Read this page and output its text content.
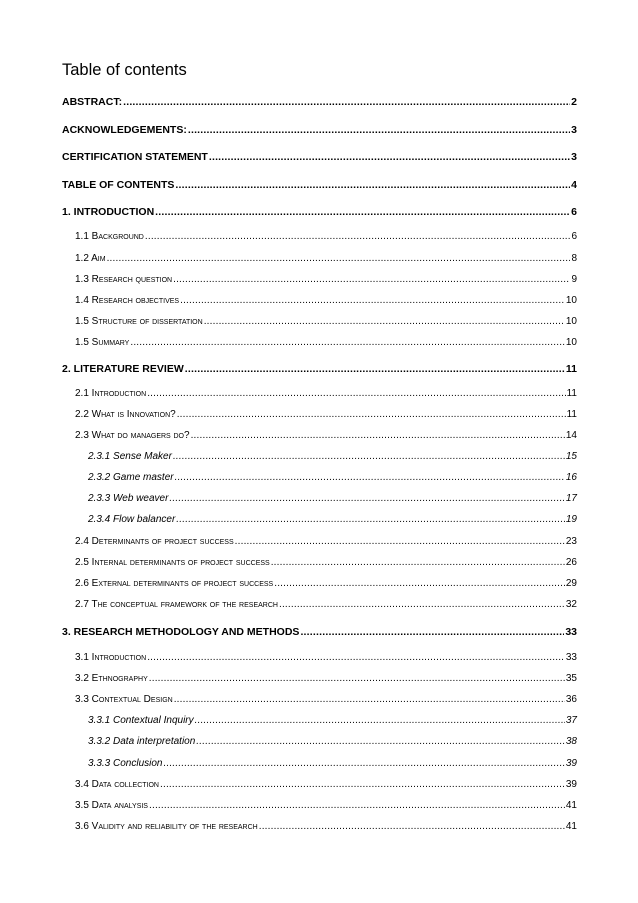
Table of contents
ABSTRACT: .....	2
ACKNOWLEDGEMENTS: .....	3
CERTIFICATION STATEMENT .....	3
TABLE OF CONTENTS .....	4
1. INTRODUCTION .....	6
1.1 Background .....	6
1.2 Aim .....	8
1.3 Research question .....	9
1.4 Research objectives .....	10
1.5 Structure of dissertation .....	10
1.5 Summary .....	10
2. LITERATURE REVIEW .....	11
2.1 Introduction .....	11
2.2 What is Innovation? .....	11
2.3 What do managers do? .....	14
2.3.1 Sense Maker .....	15
2.3.2 Game master .....	16
2.3.3 Web weaver .....	17
2.3.4 Flow balancer .....	19
2.4 Determinants of project success .....	23
2.5 Internal determinants of project success .....	26
2.6 External determinants of project success .....	29
2.7 The conceptual framework of the research .....	32
3. RESEARCH METHODOLOGY AND METHODS .....	33
3.1 Introduction .....	33
3.2 Ethnography .....	35
3.3 Contextual Design .....	36
3.3.1 Contextual Inquiry .....	37
3.3.2 Data interpretation .....	38
3.3.3 Conclusion .....	39
3.4 Data collection .....	39
3.5 Data analysis .....	41
3.6 Validity and reliability of the research .....	41
